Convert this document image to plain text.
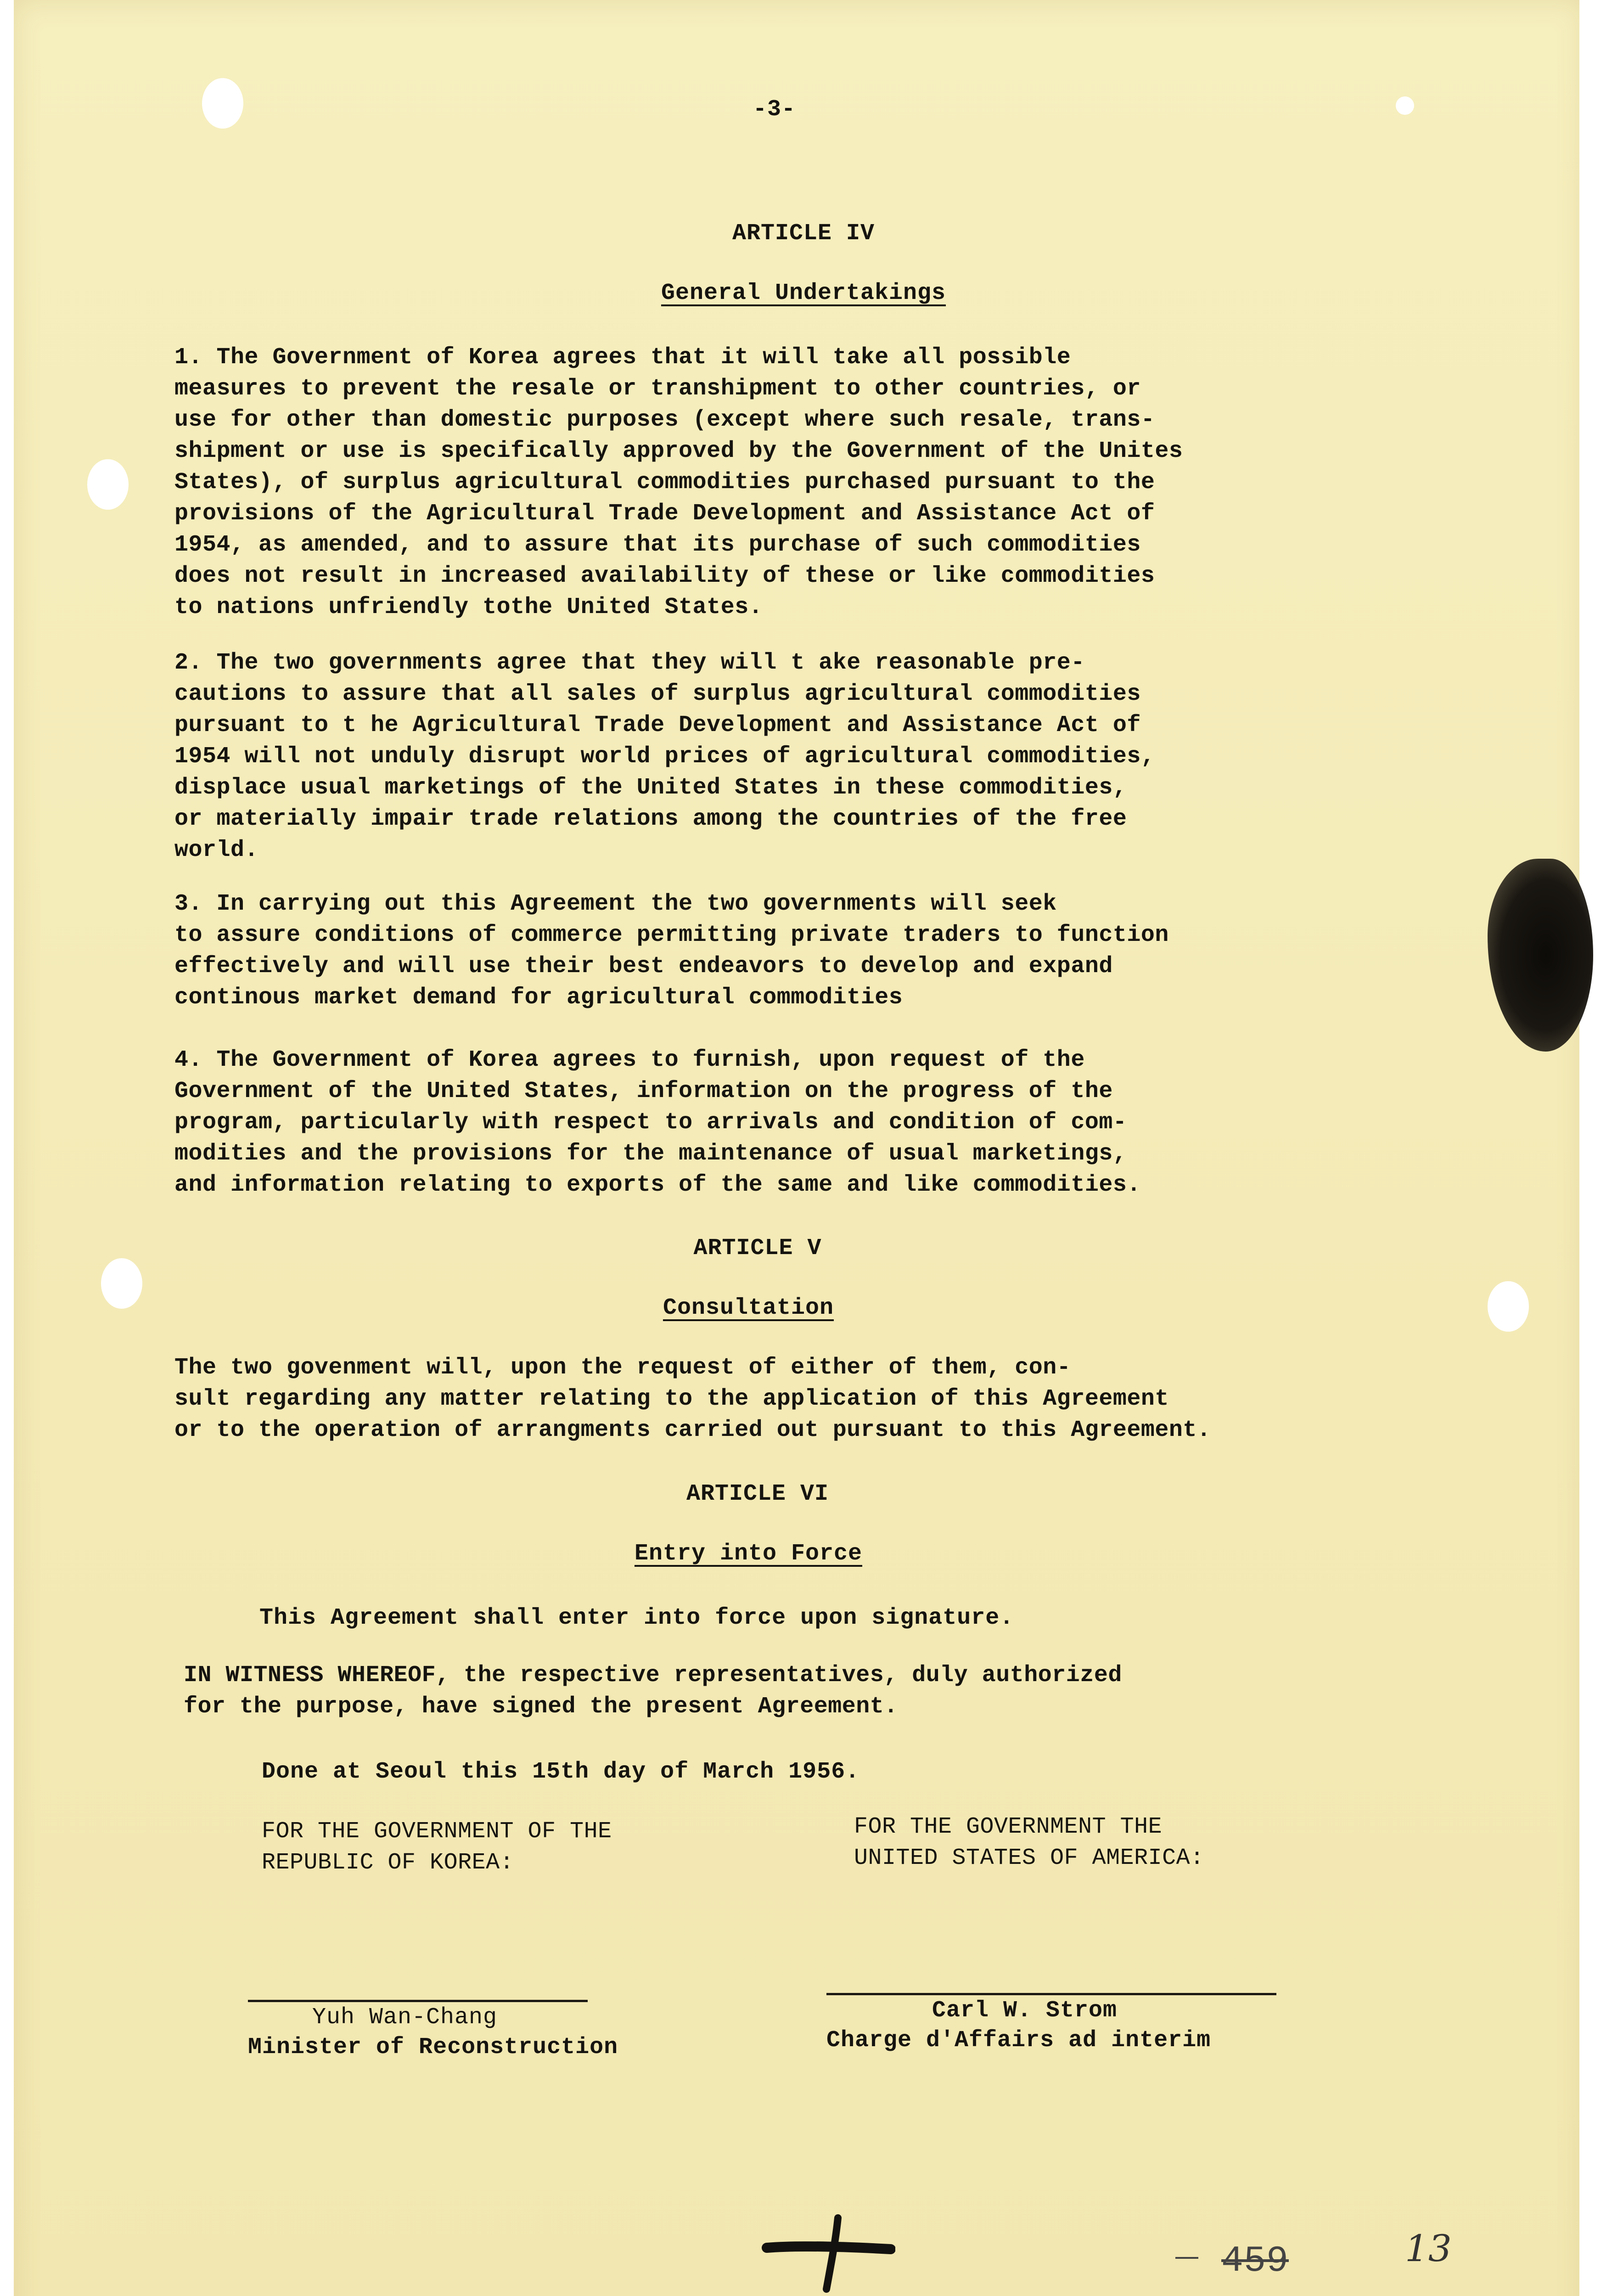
-3-

ARTICLE IV

General Undertakings

1. The Government of Korea agrees that it will take all possible
measures to prevent the resale or transhipment to other countries, or
use for other than domestic purposes (except where such resale, trans-
shipment or use is specifically approved by the Government of the Unites
States), of surplus agricultural commodities purchased pursuant to the
provisions of the Agricultural Trade Development and Assistance Act of
1954, as amended, and to assure that its purchase of such commodities
does not result in increased availability of these or like commodities
to nations unfriendly tothe United States.

2. The two governments agree that they will t ake reasonable pre-
cautions to assure that all sales of surplus agricultural commodities
pursuant to t he Agricultural Trade Development and Assistance Act of
1954 will not unduly disrupt world prices of agricultural commodities,
displace usual marketings of the United States in these commodities,
or materially impair trade relations among the countries of the free
world.

3. In carrying out this Agreement the two governments will seek
to assure conditions of commerce permitting private traders to function
effectively and will use their best endeavors to develop and expand
continous market demand for agricultural commodities

4. The Government of Korea agrees to furnish, upon request of the
Government of the United States, information on the progress of the
program, particularly with respect to arrivals and condition of com-
modities and the provisions for the maintenance of usual marketings,
and information relating to exports of the same and like commodities.

ARTICLE V

Consultation

The two govenment will, upon the request of either of them, con-
sult regarding any matter relating to the application of this Agreement
or to the operation of arrangments carried out pursuant to this Agreement.

ARTICLE VI

Entry into Force

This Agreement shall enter into force upon signature.

IN WITNESS WHEREOF, the respective representatives, duly authorized
for the purpose, have signed the present Agreement.

Done at Seoul this 15th day of March 1956.

FOR THE GOVERNMENT OF THE
REPUBLIC OF KOREA:

FOR THE GOVERNMENT THE
UNITED STATES OF AMERICA:

Yuh Wan-Chang

Minister of Reconstruction

Carl W. Strom

Charge d'Affairs ad interim

459	13
